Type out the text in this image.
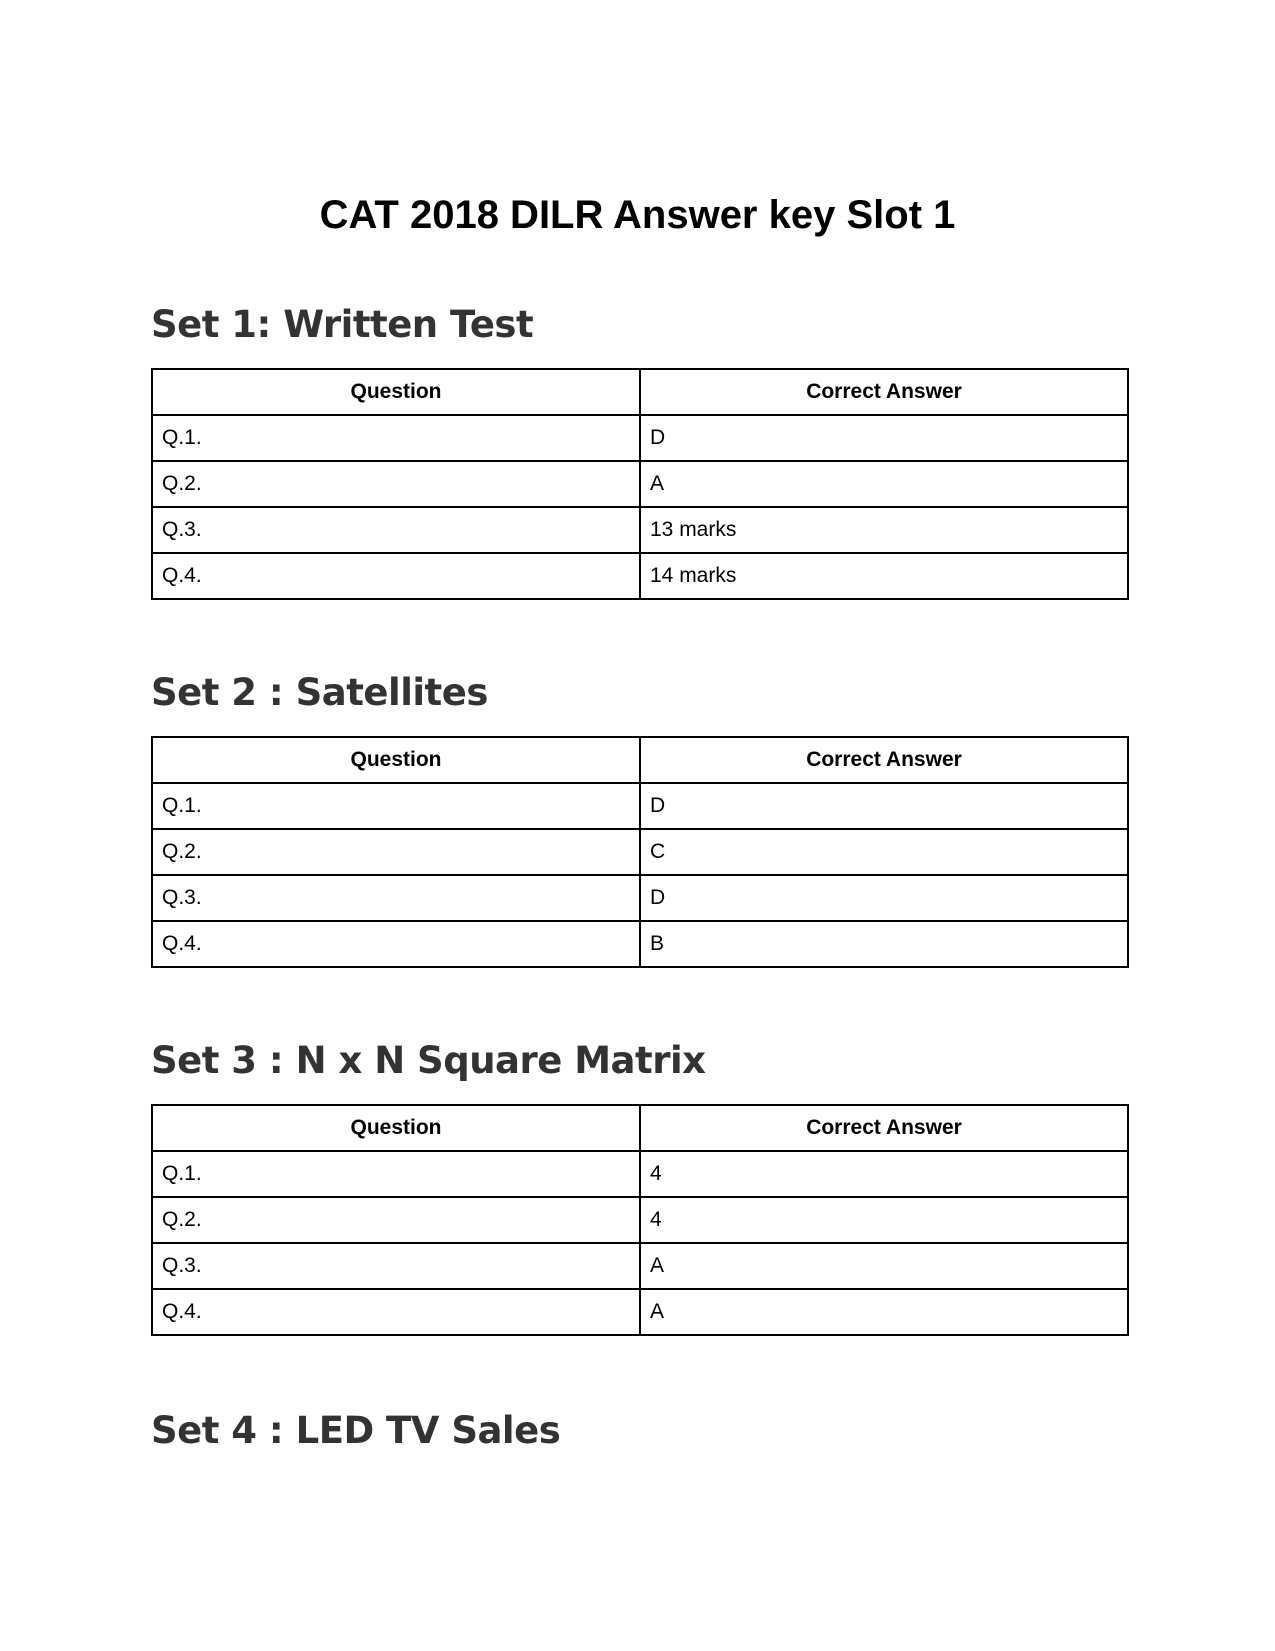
CAT 2018 DILR Answer key Slot 1
Set 1: Written Test
Question	Correct Answer
Q.1.	D
Q.2.	A
Q.3.	13 marks
Q.4.	14 marks
Set 2 : Satellites
Question	Correct Answer
Q.1.	D
Q.2.	C
Q.3.	D
Q.4.	B
Set 3 : N x N Square Matrix
Question	Correct Answer
Q.1.	4
Q.2.	4
Q.3.	A
Q.4.	A
Set 4 : LED TV Sales
